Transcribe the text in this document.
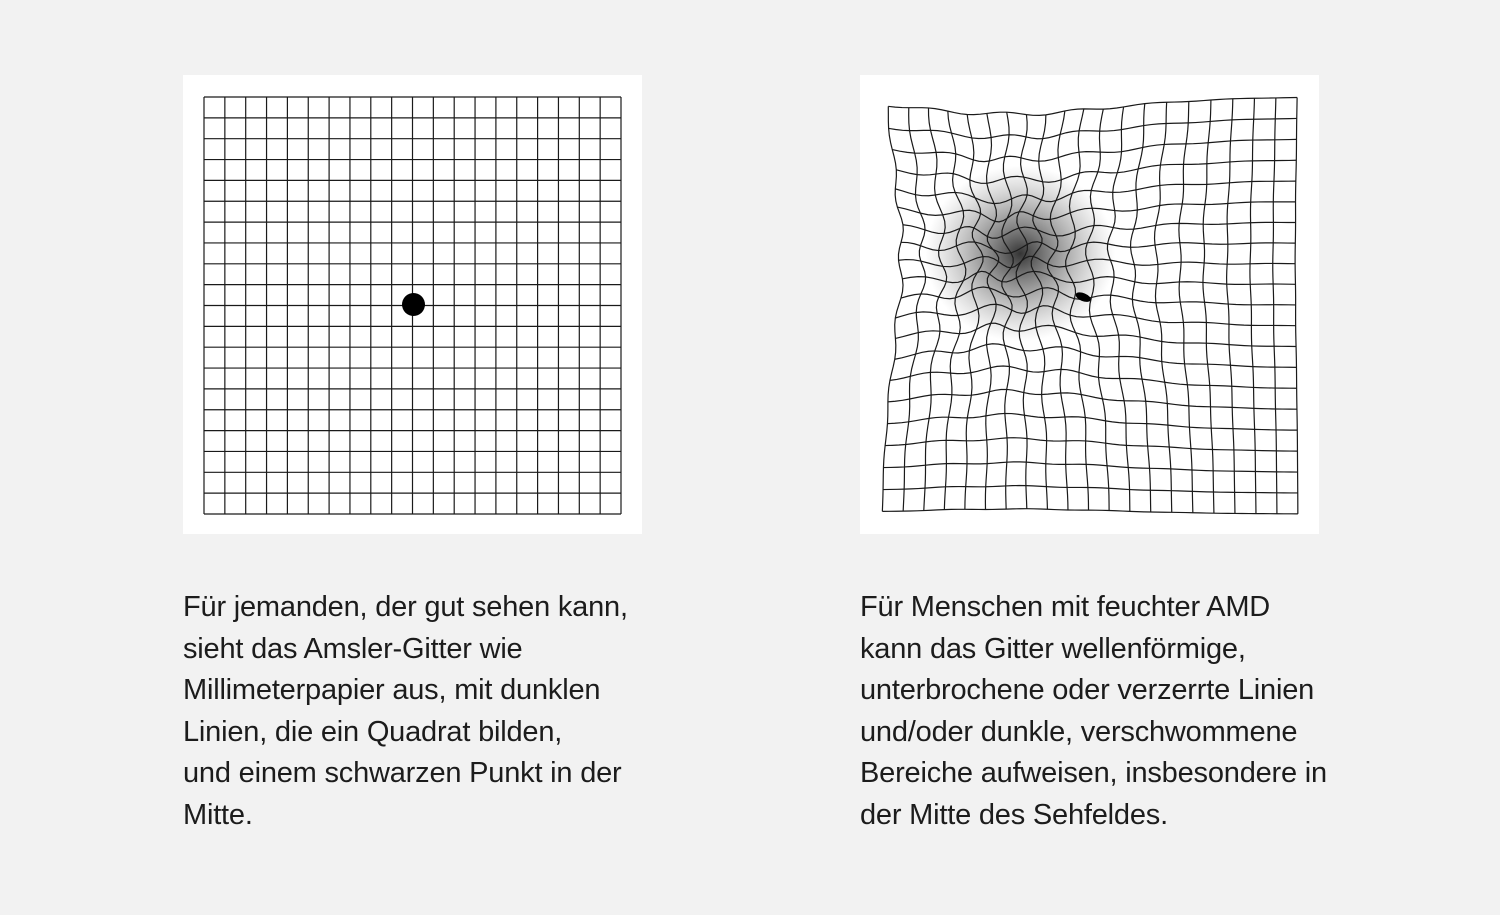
Für jemanden, der gut sehen kann,
sieht das Amsler-Gitter wie
Millimeterpapier aus, mit dunklen
Linien, die ein Quadrat bilden,
und einem schwarzen Punkt in der
Mitte.
Für Menschen mit feuchter AMD
kann das Gitter wellenförmige,
unterbrochene oder verzerrte Linien
und/oder dunkle, verschwommene
Bereiche aufweisen, insbesondere in
der Mitte des Sehfeldes.
